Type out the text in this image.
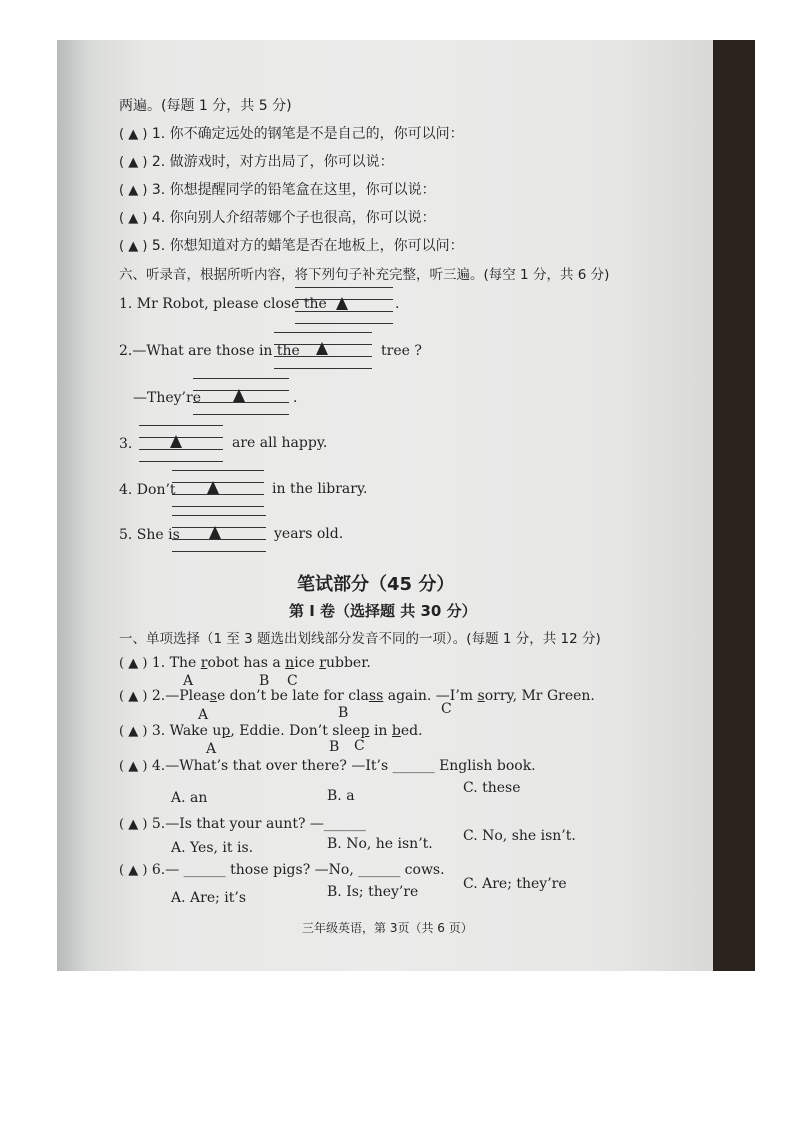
两遍。(每题 1 分，共 5 分)
( ▲ ) 1. 你不确定远处的钢笔是不是自己的，你可以问：
( ▲ ) 2. 做游戏时，对方出局了，你可以说：
( ▲ ) 3. 你想提醒同学的铅笔盒在这里，你可以说：
( ▲ ) 4. 你向别人介绍蒂娜个子也很高，你可以说：
( ▲ ) 5. 你想知道对方的蜡笔是否在地板上，你可以问：
六、听录音，根据所听内容，将下列句子补充完整，听三遍。(每空 1 分，共 6 分)
1. Mr Robot, please close the	.
2.—What are those in the	tree ?
—They’re	.
3.	are all happy.
4. Don’t	in the library.
5. She is	years old.
笔试部分（45 分）
第 I 卷（选择题 共 30 分）
一、单项选择（1 至 3 题选出划线部分发音不同的一项）。(每题 1 分，共 12 分)
( ▲ ) 1. The robot has a nice rubber.
A	B C
( ▲ ) 2.—Please don’t be late for class again. —I’m sorry, Mr Green.
A	B	C
( ▲ ) 3. Wake up, Eddie. Don’t sleep in bed.
A	B C
( ▲ ) 4.—What’s that over there? —It’s ______ English book.
A. an	B. a	C. these
( ▲ ) 5.—Is that your aunt? —______
A. Yes, it is.	B. No, he isn’t. C. No, she isn’t.
( ▲ ) 6.— ______ those pigs? —No, ______ cows.
A. Are; it’s	B. Is; they’re	C. Are; they’re
三年级英语，第 3页（共 6 页）
